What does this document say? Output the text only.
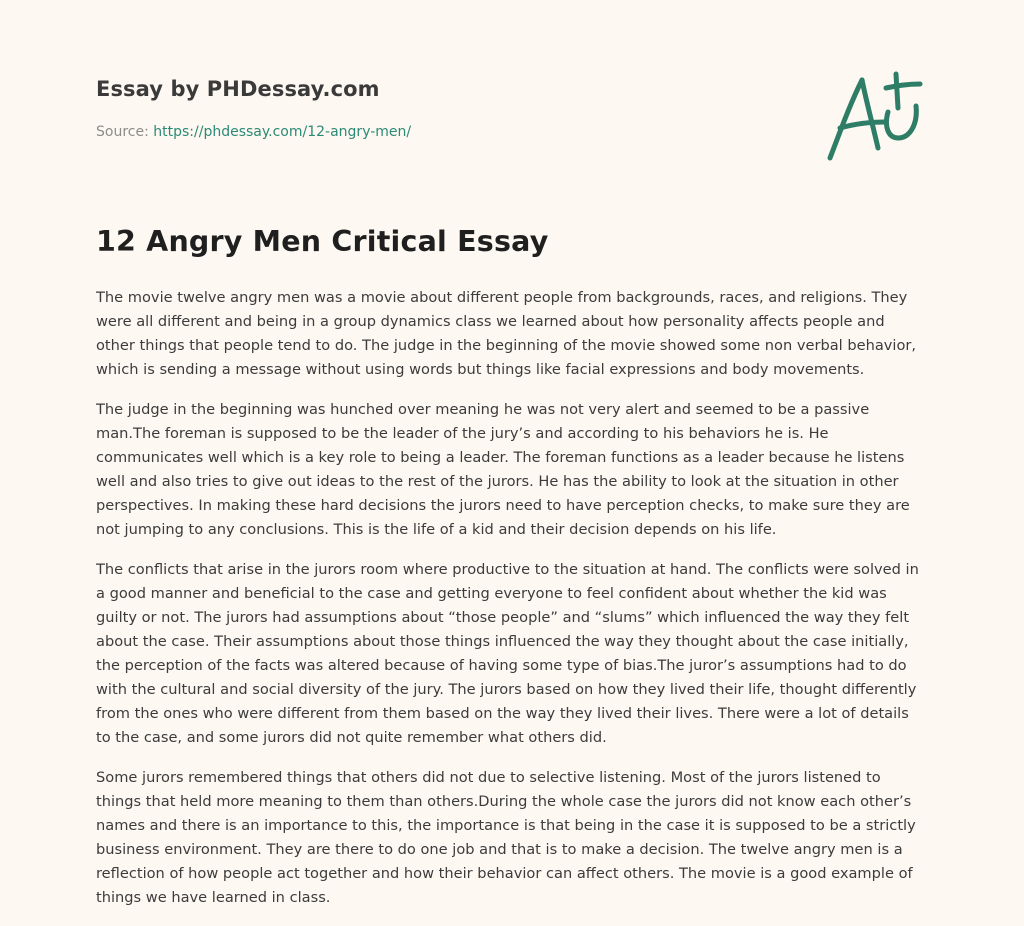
Essay by PHDessay.com

Source: https://phdessay.com/12-angry-men/

12 Angry Men Critical Essay

The movie twelve angry men was a movie about different people from backgrounds, races, and religions. They were all different and being in a group dynamics class we learned about how personality affects people and other things that people tend to do. The judge in the beginning of the movie showed some non verbal behavior, which is sending a message without using words but things like facial expressions and body movements.

The judge in the beginning was hunched over meaning he was not very alert and seemed to be a passive man.The foreman is supposed to be the leader of the jury’s and according to his behaviors he is. He communicates well which is a key role to being a leader. The foreman functions as a leader because he listens well and also tries to give out ideas to the rest of the jurors. He has the ability to look at the situation in other perspectives. In making these hard decisions the jurors need to have perception checks, to make sure they are not jumping to any conclusions. This is the life of a kid and their decision depends on his life.

The conflicts that arise in the jurors room where productive to the situation at hand. The conflicts were solved in a good manner and beneficial to the case and getting everyone to feel confident about whether the kid was guilty or not. The jurors had assumptions about “those people” and “slums” which influenced the way they felt about the case. Their assumptions about those things influenced the way they thought about the case initially, the perception of the facts was altered because of having some type of bias.The juror’s assumptions had to do with the cultural and social diversity of the jury. The jurors based on how they lived their life, thought differently from the ones who were different from them based on the way they lived their lives. There were a lot of details to the case, and some jurors did not quite remember what others did.

Some jurors remembered things that others did not due to selective listening. Most of the jurors listened to things that held more meaning to them than others.During the whole case the jurors did not know each other’s names and there is an importance to this, the importance is that being in the case it is supposed to be a strictly business environment. They are there to do one job and that is to make a decision. The twelve angry men is a reflection of how people act together and how their behavior can affect others. The movie is a good example of things we have learned in class.
